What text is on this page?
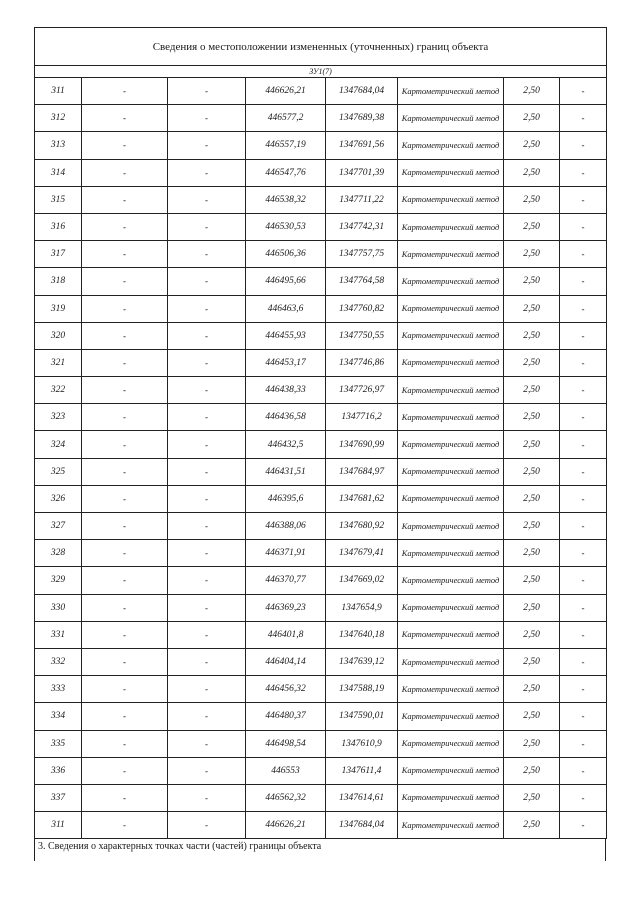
Сведения о местоположении измененных (уточненных) границ объекта							
ЗУ1(7)							
311	-	-	446626,21	1347684,04	Картометрический метод	2,50	-
312	-	-	446577,2	1347689,38	Картометрический метод	2,50	-
313	-	-	446557,19	1347691,56	Картометрический метод	2,50	-
314	-	-	446547,76	1347701,39	Картометрический метод	2,50	-
315	-	-	446538,32	1347711,22	Картометрический метод	2,50	-
316	-	-	446530,53	1347742,31	Картометрический метод	2,50	-
317	-	-	446506,36	1347757,75	Картометрический метод	2,50	-
318	-	-	446495,66	1347764,58	Картометрический метод	2,50	-
319	-	-	446463,6	1347760,82	Картометрический метод	2,50	-
320	-	-	446455,93	1347750,55	Картометрический метод	2,50	-
321	-	-	446453,17	1347746,86	Картометрический метод	2,50	-
322	-	-	446438,33	1347726,97	Картометрический метод	2,50	-
323	-	-	446436,58	1347716,2	Картометрический метод	2,50	-
324	-	-	446432,5	1347690,99	Картометрический метод	2,50	-
325	-	-	446431,51	1347684,97	Картометрический метод	2,50	-
326	-	-	446395,6	1347681,62	Картометрический метод	2,50	-
327	-	-	446388,06	1347680,92	Картометрический метод	2,50	-
328	-	-	446371,91	1347679,41	Картометрический метод	2,50	-
329	-	-	446370,77	1347669,02	Картометрический метод	2,50	-
330	-	-	446369,23	1347654,9	Картометрический метод	2,50	-
331	-	-	446401,8	1347640,18	Картометрический метод	2,50	-
332	-	-	446404,14	1347639,12	Картометрический метод	2,50	-
333	-	-	446456,32	1347588,19	Картометрический метод	2,50	-
334	-	-	446480,37	1347590,01	Картометрический метод	2,50	-
335	-	-	446498,54	1347610,9	Картометрический метод	2,50	-
336	-	-	446553	1347611,4	Картометрический метод	2,50	-
337	-	-	446562,32	1347614,61	Картометрический метод	2,50	-
311	-	-	446626,21	1347684,04	Картометрический метод	2,50	-
3. Сведения о характерных точках части (частей) границы объекта
